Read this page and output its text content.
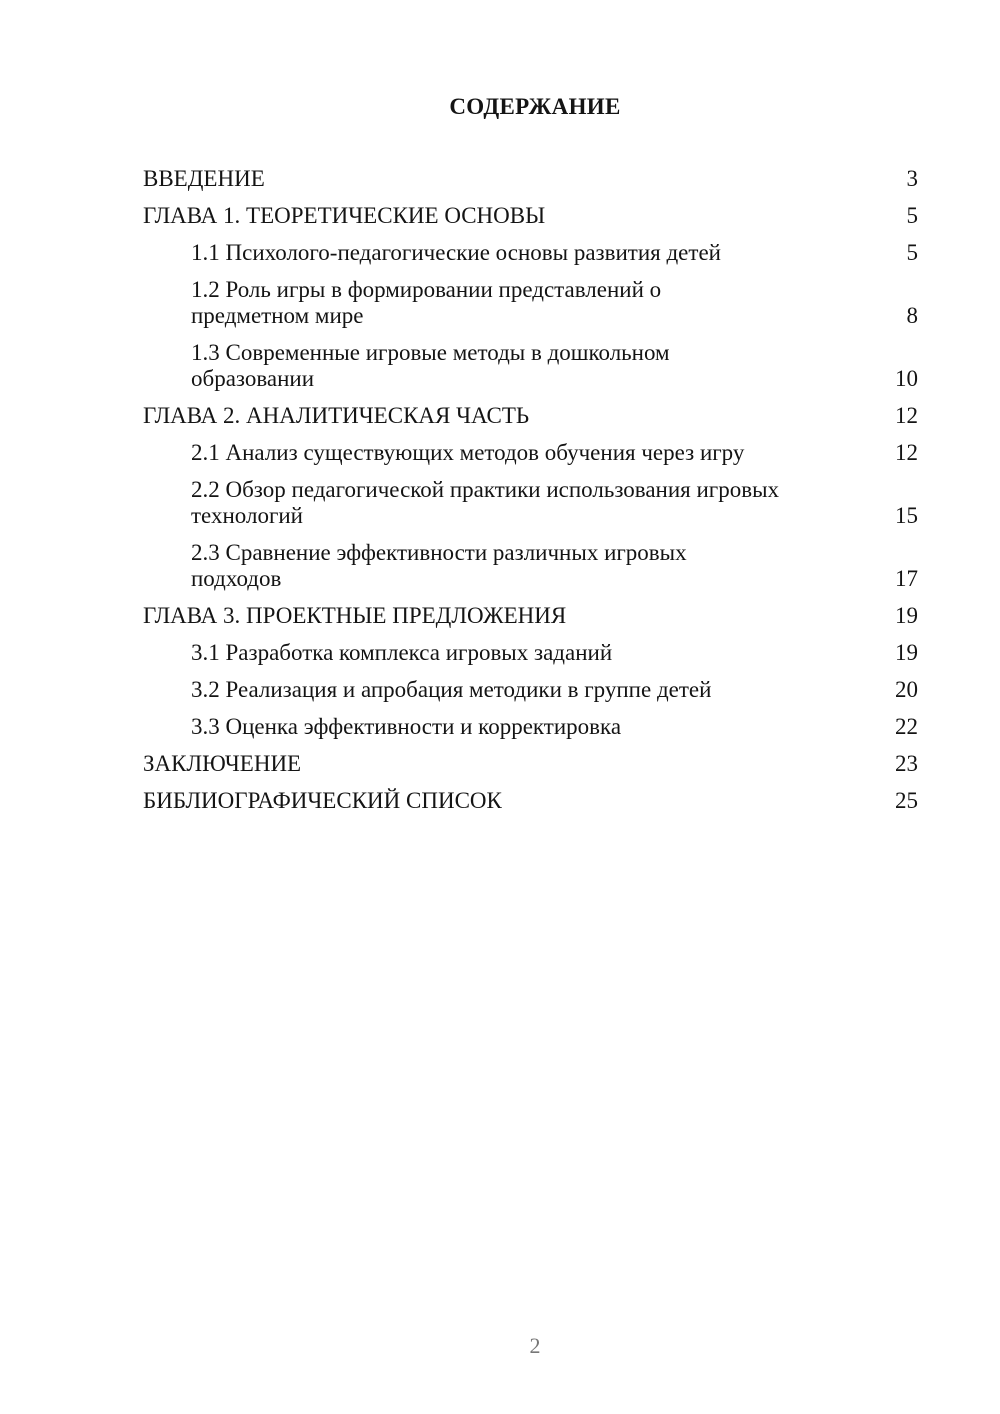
СОДЕРЖАНИЕ
ВВЕДЕНИЕ	3
ГЛАВА 1. ТЕОРЕТИЧЕСКИЕ ОСНОВЫ	5
1.1 Психолого-педагогические основы развития детей	5
1.2 Роль игры в формировании представлений о предметном мире	8
1.3 Современные игровые методы в дошкольном образовании	10
ГЛАВА 2. АНАЛИТИЧЕСКАЯ ЧАСТЬ	12
2.1 Анализ существующих методов обучения через игру	12
2.2 Обзор педагогической практики использования игровых технологий	15
2.3 Сравнение эффективности различных игровых подходов	17
ГЛАВА 3. ПРОЕКТНЫЕ ПРЕДЛОЖЕНИЯ	19
3.1 Разработка комплекса игровых заданий	19
3.2 Реализация и апробация методики в группе детей	20
3.3 Оценка эффективности и корректировка	22
ЗАКЛЮЧЕНИЕ	23
БИБЛИОГРАФИЧЕСКИЙ СПИСОК	25
2
